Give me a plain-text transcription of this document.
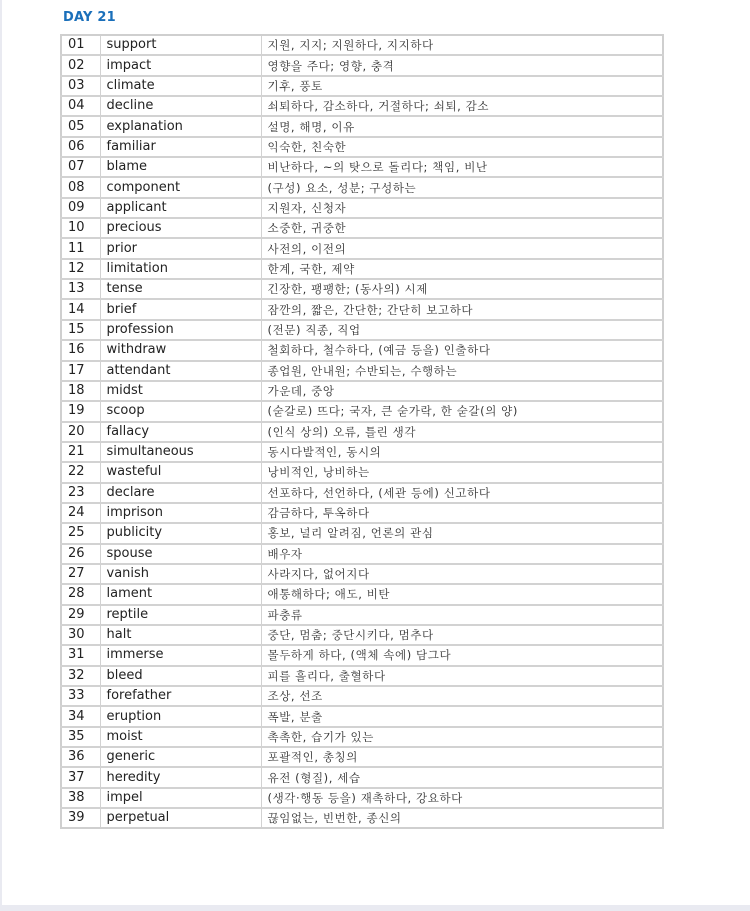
DAY 21
01	support	지원, 지지; 지원하다, 지지하다
02	impact	영향을 주다; 영향, 충격
03	climate	기후, 풍토
04	decline	쇠퇴하다, 감소하다, 거절하다; 쇠퇴, 감소
05	explanation	설명, 해명, 이유
06	familiar	익숙한, 친숙한
07	blame	비난하다, ~의 탓으로 돌리다; 책임, 비난
08	component	(구성) 요소, 성분; 구성하는
09	applicant	지원자, 신청자
10	precious	소중한, 귀중한
11	prior	사전의, 이전의
12	limitation	한계, 국한, 제약
13	tense	긴장한, 팽팽한; (동사의) 시제
14	brief	잠깐의, 짧은, 간단한; 간단히 보고하다
15	profession	(전문) 직종, 직업
16	withdraw	철회하다, 철수하다, (예금 등을) 인출하다
17	attendant	종업원, 안내원; 수반되는, 수행하는
18	midst	가운데, 중앙
19	scoop	(숟갈로) 뜨다; 국자, 큰 숟가락, 한 숟갈(의 양)
20	fallacy	(인식 상의) 오류, 틀린 생각
21	simultaneous	동시다발적인, 동시의
22	wasteful	낭비적인, 낭비하는
23	declare	선포하다, 선언하다, (세관 등에) 신고하다
24	imprison	감금하다, 투옥하다
25	publicity	홍보, 널리 알려짐, 언론의 관심
26	spouse	배우자
27	vanish	사라지다, 없어지다
28	lament	애통해하다; 애도, 비탄
29	reptile	파충류
30	halt	중단, 멈춤; 중단시키다, 멈추다
31	immerse	몰두하게 하다, (액체 속에) 담그다
32	bleed	피를 흘리다, 출혈하다
33	forefather	조상, 선조
34	eruption	폭발, 분출
35	moist	촉촉한, 습기가 있는
36	generic	포괄적인, 총칭의
37	heredity	유전 (형질), 세습
38	impel	(생각·행동 등을) 재촉하다, 강요하다
39	perpetual	끊임없는, 빈번한, 종신의
